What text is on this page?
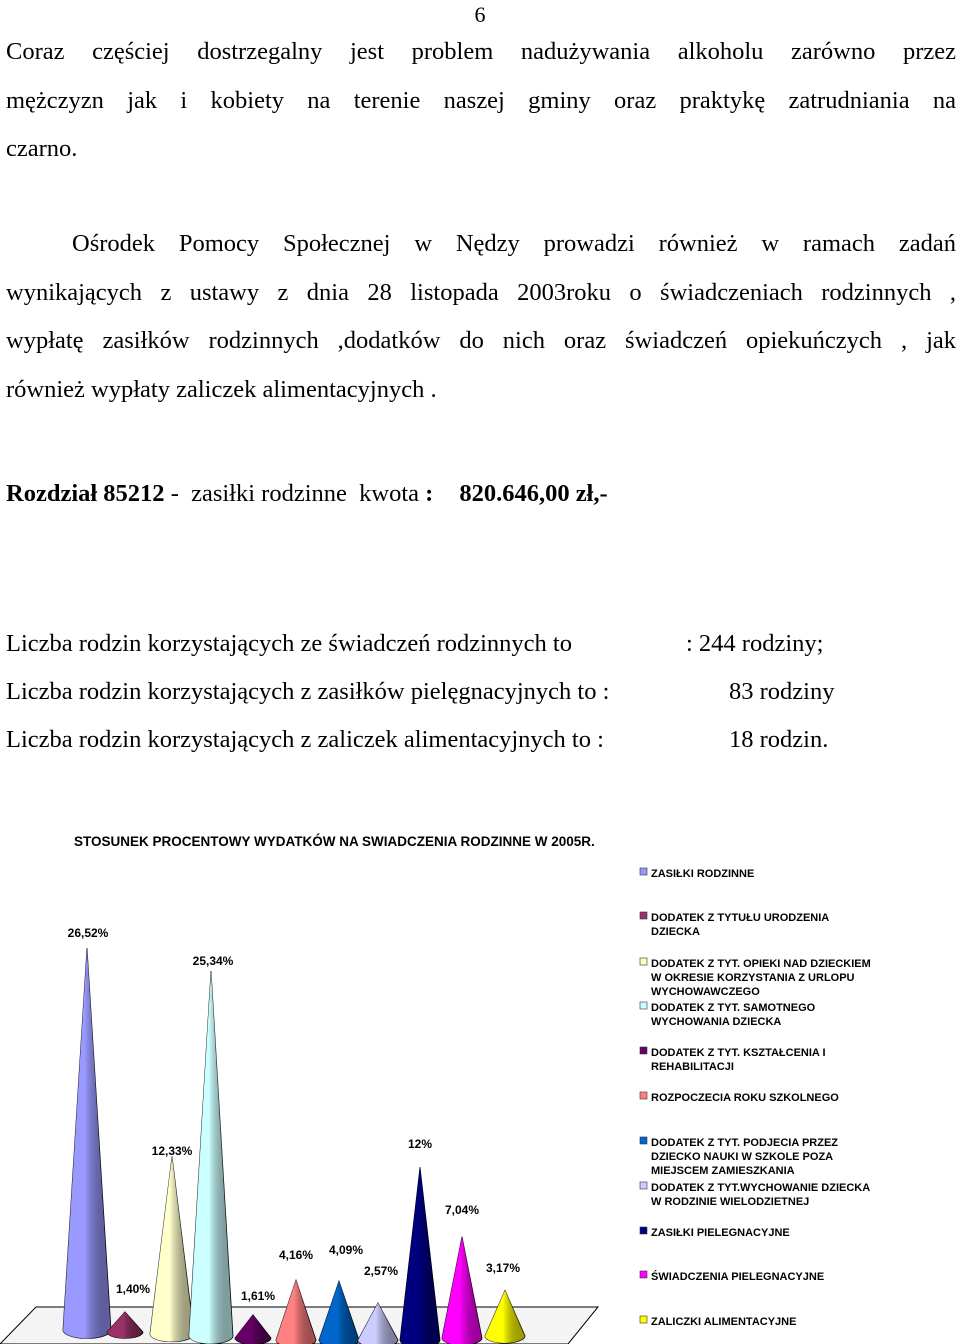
6
Coraz częściej dostrzegalny jest problem nadużywania alkoholu zarówno przez
mężczyzn jak i kobiety na terenie naszej gminy oraz praktykę zatrudniania na
czarno.
Ośrodek Pomocy Społecznej w Nędzy prowadzi również w ramach zadań
wynikających z ustawy z dnia 28 listopada 2003roku o świadczeniach rodzinnych ,
wypłatę zasiłków rodzinnych ,dodatków do nich oraz świadczeń opiekuńczych , jak
również wypłaty zaliczek alimentacyjnych .
Rozdział 85212 -  zasiłki rodzinne  kwota : 820.646,00 zł,-
Liczba rodzin korzystających ze świadczeń rodzinnych to	: 244 rodziny;
Liczba rodzin korzystających z zasiłków pielęgnacyjnych to :	83 rodziny
Liczba rodzin korzystających z zaliczek alimentacyjnych to :	18 rodzin.
STOSUNEK PROCENTOWY WYDATKÓW NA SWIADCZENIA RODZINNE W 2005R.
26,52%
1,40%
12,33%
25,34%
1,61%
4,16% 4,09%
2,57%
12%
7,04%
3,17%
ZASIŁKI RODZINNE
DODATEK Z TYTUŁU URODZENIA
DZIECKA
DODATEK Z TYT. OPIEKI NAD DZIECKIEM
W OKRESIE KORZYSTANIA Z URLOPU
WYCHOWAWCZEGO
DODATEK Z TYT. SAMOTNEGO
WYCHOWANIA DZIECKA
DODATEK Z TYT. KSZTAŁCENIA I
REHABILITACJI
ROZPOCZECIA ROKU SZKOLNEGO
DODATEK Z TYT. PODJECIA PRZEZ
DZIECKO NAUKI W SZKOLE POZA
MIEJSCEM ZAMIESZKANIA
DODATEK Z TYT.WYCHOWANIE DZIECKA
W RODZINIE WIELODZIETNEJ
ZASIŁKI PIELEGNACYJNE
ŚWIADCZENIA PIELEGNACYJNE
ZALICZKI ALIMENTACYJNE
